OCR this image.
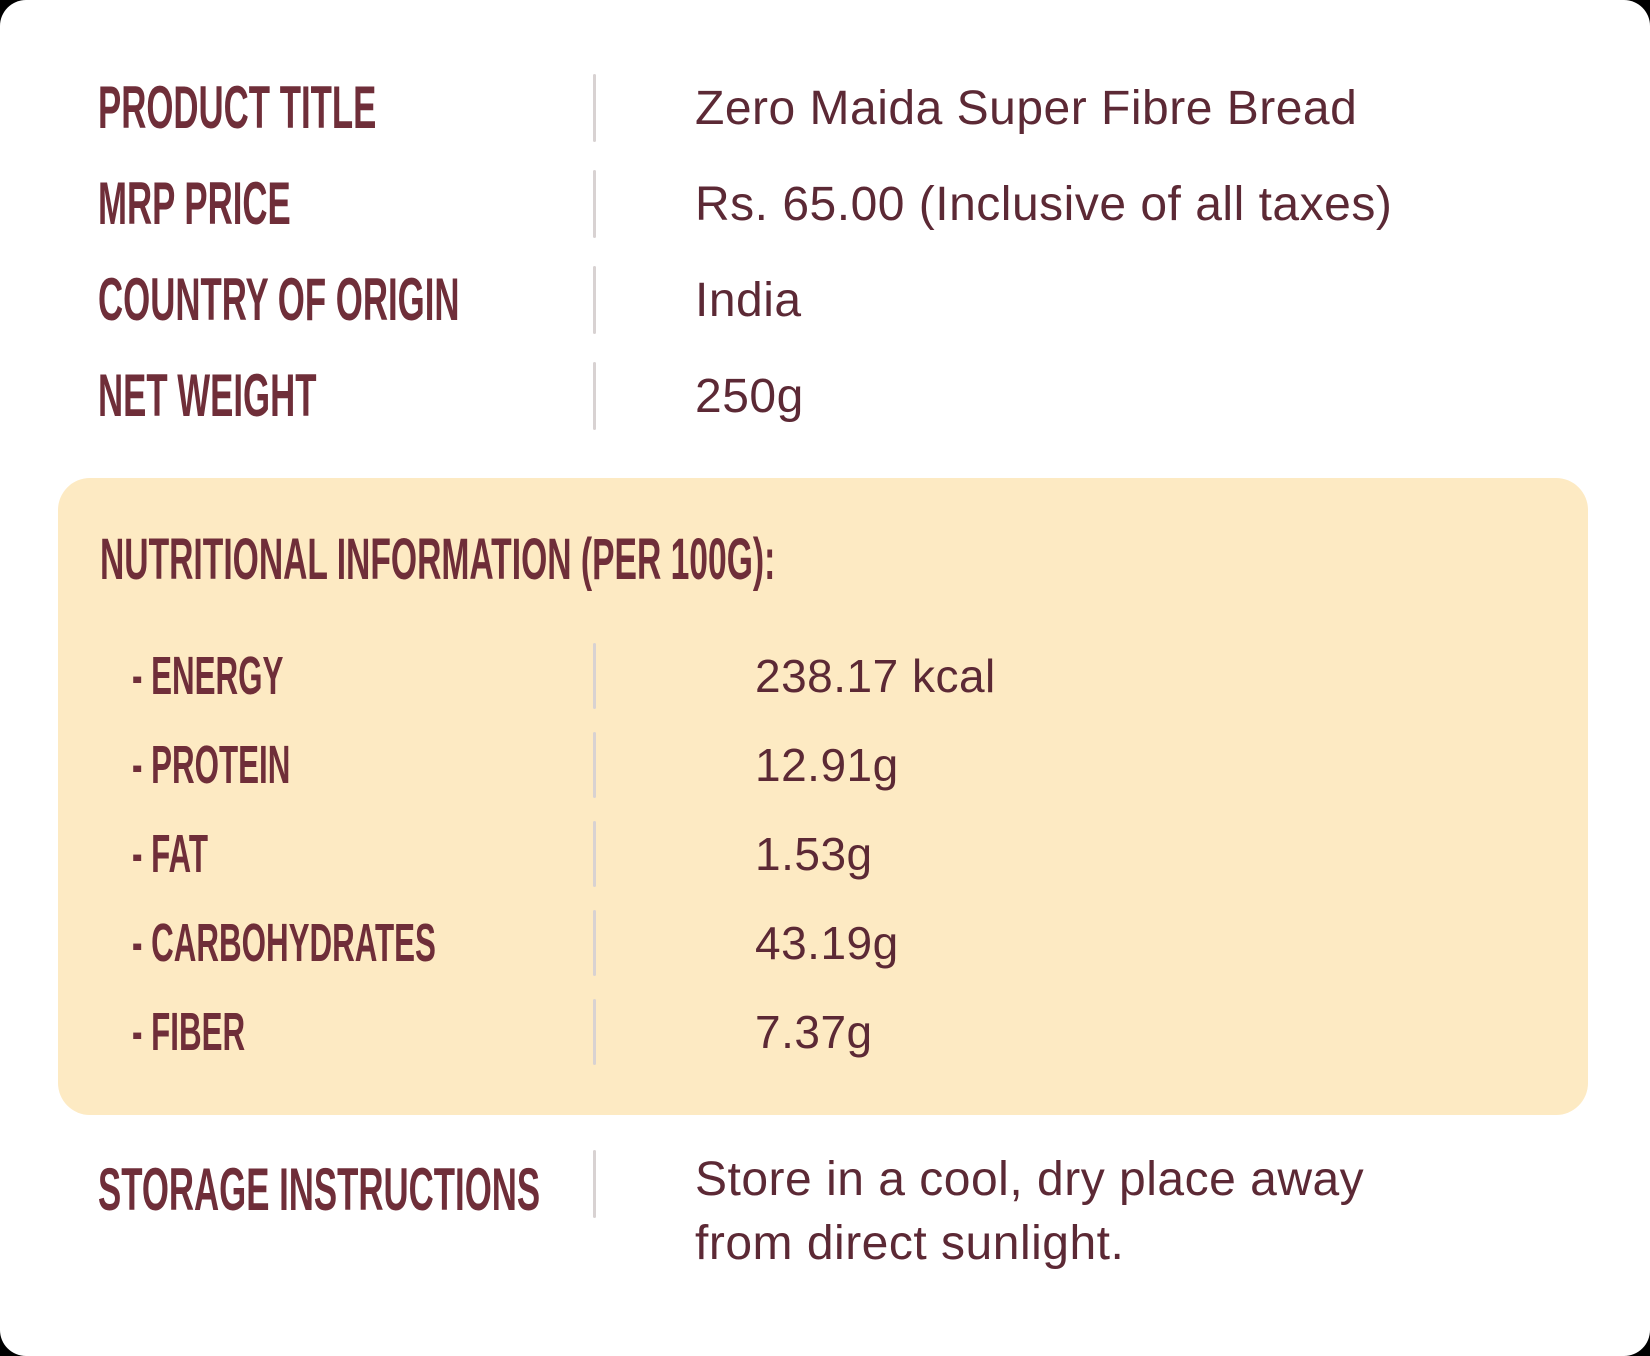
PRODUCT TITLE	Zero Maida Super Fibre Bread
MRP PRICE	Rs. 65.00 (Inclusive of all taxes)
COUNTRY OF ORIGIN	India
NET WEIGHT	250g
NUTRITIONAL INFORMATION (PER 100G):
- ENERGY	238.17 kcal
- PROTEIN	12.91g
- FAT	1.53g
- CARBOHYDRATES	43.19g
- FIBER	7.37g
STORAGE INSTRUCTIONS	Store in a cool, dry place away from direct sunlight.
